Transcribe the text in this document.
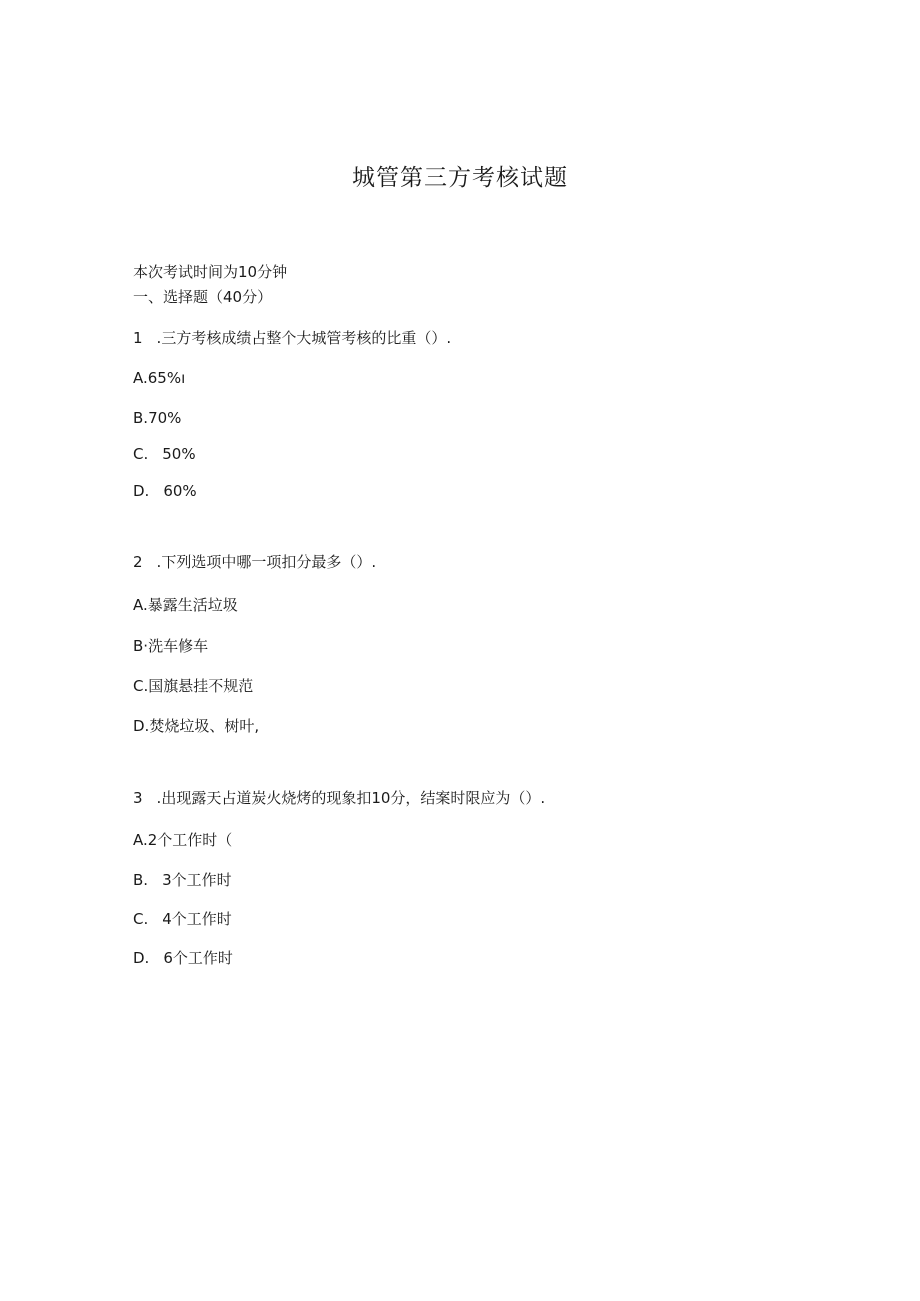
城管第三方考核试题
本次考试时间为10分钟
一、选择题（40分）
1 .三方考核成绩占整个大城管考核的比重（）.
A.65%ı
B.70%
C. 50%
D. 60%
2 .下列选项中哪一项扣分最多（）.
A.暴露生活垃圾
B·洗车修车
C.国旗悬挂不规范
D.焚烧垃圾、树叶,
3 .出现露天占道炭火烧烤的现象扣10分，结案时限应为（）.
A.2个工作时（
B. 3个工作时
C. 4个工作时
D. 6个工作时
